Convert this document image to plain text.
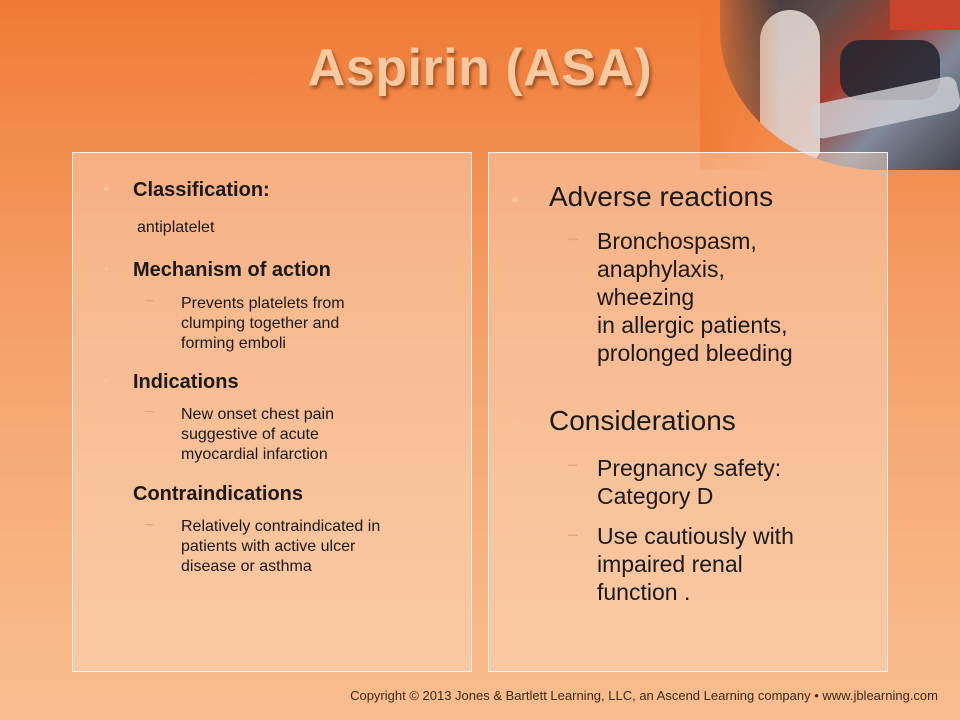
Aspirin (ASA)
• Classification:
antiplatelet
• Mechanism of action
− Prevents platelets from
clumping together and
forming emboli
• Indications
− New onset chest pain
suggestive of acute
myocardial infarction
• Contraindications
− Relatively contraindicated in
patients with active ulcer
disease or asthma
• Adverse reactions
− Bronchospasm,
anaphylaxis,
wheezing
in allergic patients,
prolonged bleeding
• Considerations
− Pregnancy safety:
Category D
− Use cautiously with
impaired renal
function .
Copyright © 2013 Jones & Bartlett Learning, LLC, an Ascend Learning company • www.jblearning.com
